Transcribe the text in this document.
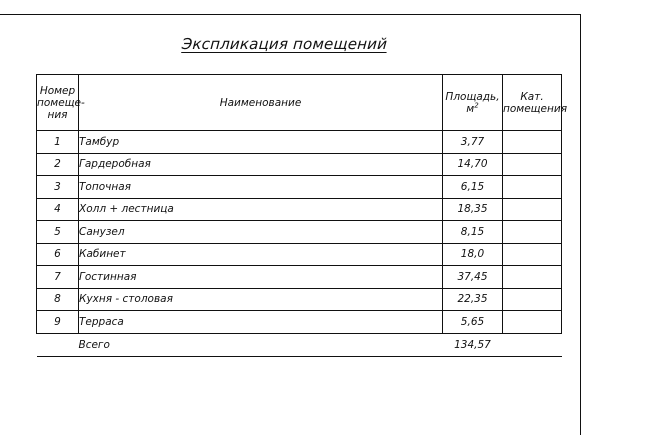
Экспликация помещений
Номер помеще-ния	Наименование	Площадь, $м^2$	Кат. помещения
1	Тамбур	3,77	
2	Гардеробная	14,70	
3	Топочная	6,15	
4	Холл + лестница	18,35	
5	Санузел	8,15	
6	Кабинет	18,0	
7	Гостинная	37,45	
8	Кухня - столовая	22,35	
9	Терраса	5,65	
	Всего	134,57	
